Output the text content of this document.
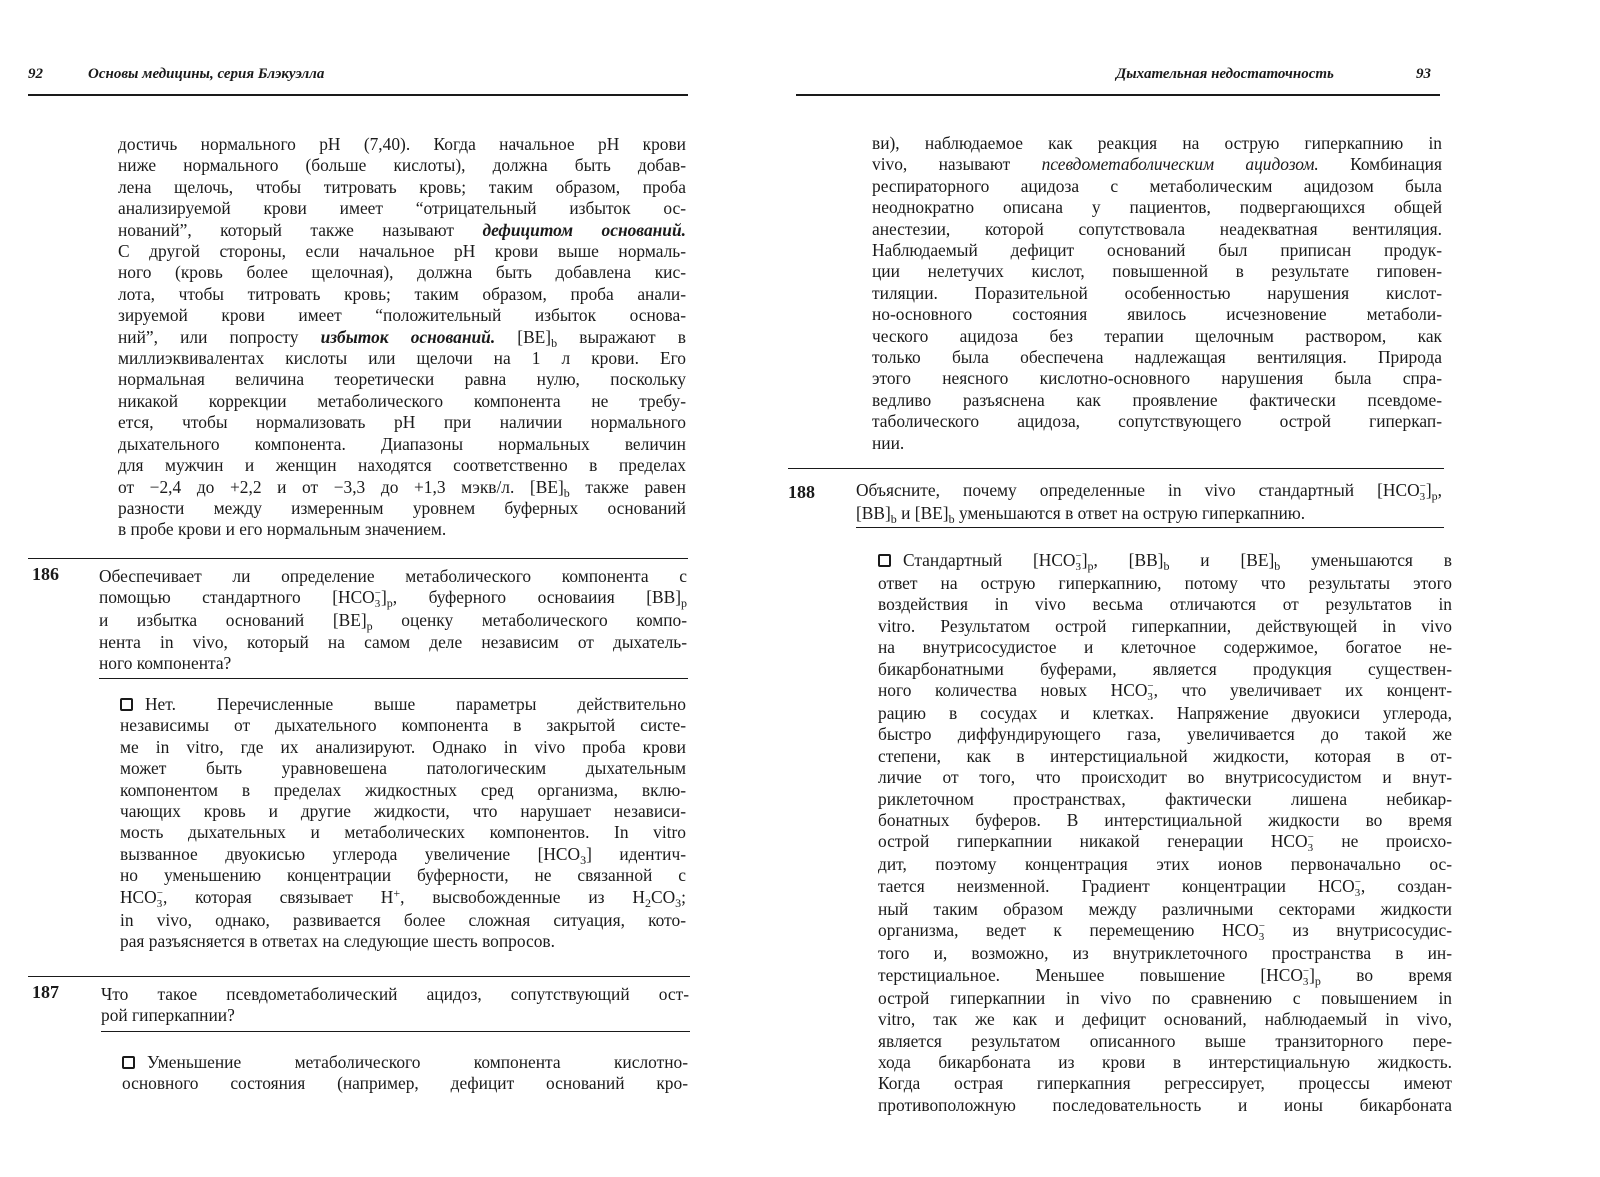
92	Основы медицины, серия Блэкуэлла
достичь нормального pH (7,40). Когда начальное pH крови
ниже нормального (больше кислоты), должна быть добав-
лена щелочь, чтобы титровать кровь; таким образом, проба
анализируемой крови имеет “отрицательный избыток ос-
нований”, который также называют дефицитом оснований.
С другой стороны, если начальное pH крови выше нормаль-
ного (кровь более щелочная), должна быть добавлена кис-
лота, чтобы титровать кровь; таким образом, проба анали-
зируемой крови имеет “положительный избыток основа-
ний”, или попросту избыток оснований. $[BE]_b$ выражают в
миллиэквивалентах кислоты или щелочи на 1 л крови. Его
нормальная величина теоретически равна нулю, поскольку
никакой коррекции метаболического компонента не требу-
ется, чтобы нормализовать pH при наличии нормального
дыхательного компонента. Диапазоны нормальных величин
для мужчин и женщин находятся соответственно в пределах
от −2,4 до +2,2 и от −3,3 до +1,3 мэкв/л. $[BE]_b$ также равен
разности между измеренным уровнем буферных оснований
в пробе крови и его нормальным значением.
186 Обеспечивает ли определение метаболического компонента с
помощью стандартного [HCO−
$3]_p$, буферного основаиия $[BB]_p$
и избытка оснований $[BE]_p$ оценку метаболического компо-
нента in vivo, который на самом деле независим от дыхатель-
ного компонента?
Нет. Перечисленные выше параметры действительно
независимы от дыхательного компонента в закрытой систе-
ме in vitro, где их анализируют. Однако in vivo проба крови
может быть уравновешена патологическим дыхательным
компонентом в пределах жидкостных сред организма, вклю-
чающих кровь и другие жидкости, что нарушает независи-
мость дыхательных и метаболических компонентов. In vitro
вызванное двуокисью углерода увеличение $[HCO_3]$ идентич-
но уменьшению концентрации буферности, не связанной с
HCO−
3, которая связывает H+, высвобожденные из $H_2CO_3$;
in vivo, однако, развивается более сложная ситуация, кото-
рая разъясняется в ответах на следующие шесть вопросов.
187 Что такое псевдометаболический ацидоз, сопутствующий ост-
рой гиперкапнии?
Уменьшение метаболического компонента кислотно-
основного состояния (например, дефицит оснований кро-
Дыхательная недостаточность	93
ви), наблюдаемое как реакция на острую гиперкапнию in
vivo, называют псевдометаболическим ацидозом. Комбинация
респираторного ацидоза с метаболическим ацидозом была
неоднократно описана у пациентов, подвергающихся общей
анестезии, которой сопутствовала неадекватная вентиляция.
Наблюдаемый дефицит оснований был приписан продук-
ции нелетучих кислот, повышенной в результате гиповен-
тиляции. Поразительной особенностью нарушения кислот-
но-основного состояния явилось исчезновение метаболи-
ческого ацидоза без терапии щелочным раствором, как
только была обеспечена надлежащая вентиляция. Природа
этого неясного кислотно-основного нарушения была спра-
ведливо разъяснена как проявление фактически псевдоме-
таболического ацидоза, сопутствующего острой гиперкап-
нии.
188 Объясните, почему определенные in vivo стандартный [HCO−
$3]_p$,
$[BB]_b$ и $[BE]_b$ уменьшаются в ответ на острую гиперкапнию.
Стандартный [HCO−
$3]_p$, $[BB]_b$ и $[BE]_b$ уменьшаются в
ответ на острую гиперкапнию, потому что результаты этого
воздействия in vivo весьма отличаются от результатов in
vitro. Результатом острой гиперкапнии, действующей in vivo
на внутрисосудистое и клеточное содержимое, богатое не-
бикарбонатными буферами, является продукция существен-
ного количества новых HCO−
3, что увеличивает их концент-
рацию в сосудах и клетках. Напряжение двуокиси углерода,
быстро диффундирующего газа, увеличивается до такой же
степени, как в интерстициальной жидкости, которая в от-
личие от того, что происходит во внутрисосудистом и внут-
риклеточном пространствах, фактически лишена небикар-
бонатных буферов. В интерстициальной жидкости во время
острой гиперкапнии никакой генерации HCO−
3 не происхо-
дит, поэтому концентрация этих ионов первоначально ос-
тается неизменной. Градиент концентрации HCO−
3, создан-
ный таким образом между различными секторами жидкости
организма, ведет к перемещению HCO−
3 из внутрисосудис-
того и, возможно, из внутриклеточного пространства в ин-
терстициальное. Меньшее повышение [HCO−
$3]_p$ во время
острой гиперкапнии in vivo по сравнению с повышением in
vitro, так же как и дефицит оснований, наблюдаемый in vivo,
является результатом описанного выше транзиторного пере-
хода бикарбоната из крови в интерстициальную жидкость.
Когда острая гиперкапния регрессирует, процессы имеют
противоположную последовательность и ионы бикарбоната
